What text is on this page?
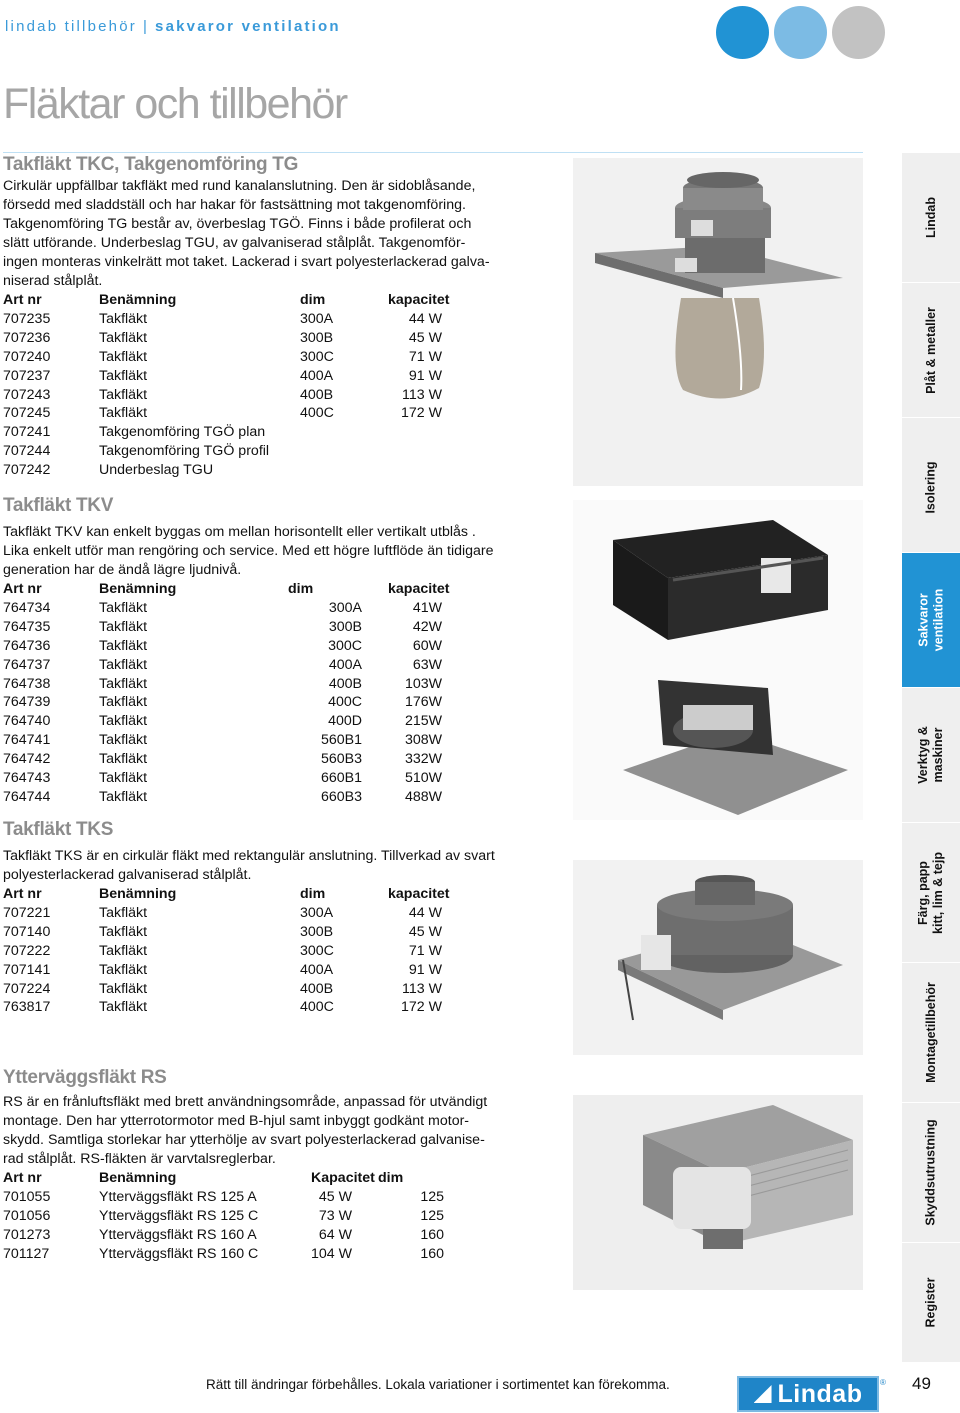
lindab tillbehör | sakvaror ventilation
Fläktar och tillbehör
Takfläkt TKC, Takgenomföring TG
Cirkulär uppfällbar takfläkt med rund kanalanslutning. Den är sidoblåsande,
försedd med sladdställ och har hakar för fastsättning mot takgenomföring.
Takgenomföring TG består av, överbeslag TGÖ. Finns i både profilerat och
slätt utförande. Underbeslag TGU, av galvaniserad stålplåt. Takgenomför-
ingen monteras vinkelrätt mot taket. Lackerad i svart polyesterlackerad galva-
niserad stålplåt.
Art nr	Benämning	dim	kapacitet
707235	Takfläkt	300A	44 W
707236	Takfläkt	300B	45 W
707240	Takfläkt	300C	71 W
707237	Takfläkt	400A	91 W
707243	Takfläkt	400B	113 W
707245	Takfläkt	400C	172 W
707241	Takgenomföring TGÖ plan		
707244	Takgenomföring TGÖ profil		
707242	Underbeslag TGU		
Takfläkt TKV
Takfläkt TKV kan enkelt byggas om mellan horisontellt eller vertikalt utblås .
Lika enkelt utför man rengöring och service. Med ett högre luftflöde än tidigare
generation har de ändå lägre ljudnivå.
Art nr	Benämning	dim	kapacitet
764734	Takfläkt	300A	41W
764735	Takfläkt	300B	42W
764736	Takfläkt	300C	60W
764737	Takfläkt	400A	63W
764738	Takfläkt	400B	103W
764739	Takfläkt	400C	176W
764740	Takfläkt	400D	215W
764741	Takfläkt	560B1	308W
764742	Takfläkt	560B3	332W
764743	Takfläkt	660B1	510W
764744	Takfläkt	660B3	488W
Takfläkt TKS
Takfläkt TKS är en cirkulär fläkt med rektangulär anslutning. Tillverkad av svart
polyesterlackerad galvaniserad stålplåt.
Art nr	Benämning	dim	kapacitet
707221	Takfläkt	300A	44 W
707140	Takfläkt	300B	45 W
707222	Takfläkt	300C	71 W
707141	Takfläkt	400A	91 W
707224	Takfläkt	400B	113 W
763817	Takfläkt	400C	172 W
Ytterväggsfläkt RS
RS är en frånluftsfläkt med brett användningsområde, anpassad för utvändigt
montage. Den har ytterrotormotor med B-hjul samt inbyggt godkänt motor-
skydd. Samtliga storlekar har ytterhölje av svart polyesterlackerad galvanise-
rad stålplåt. RS-fläkten är varvtalsreglerbar.
Art nr	Benämning	Kapacitet	dim
701055	Ytterväggsfläkt RS 125 A	45 W	125
701056	Ytterväggsfläkt RS 125 C	73 W	125
701273	Ytterväggsfläkt RS 160 A	64 W	160
701127	Ytterväggsfläkt RS 160 C	104 W	160
Lindab
Plåt & metaller
Isolering
Sakvaror ventilation
Verktyg & maskiner
Färg, papp kitt, lim & tejp
Montagetillbehör
Skyddsutrustning
Register
Rätt till ändringar förbehålles. Lokala variationer i sortimentet kan förekomma.	Lindab ® 49
